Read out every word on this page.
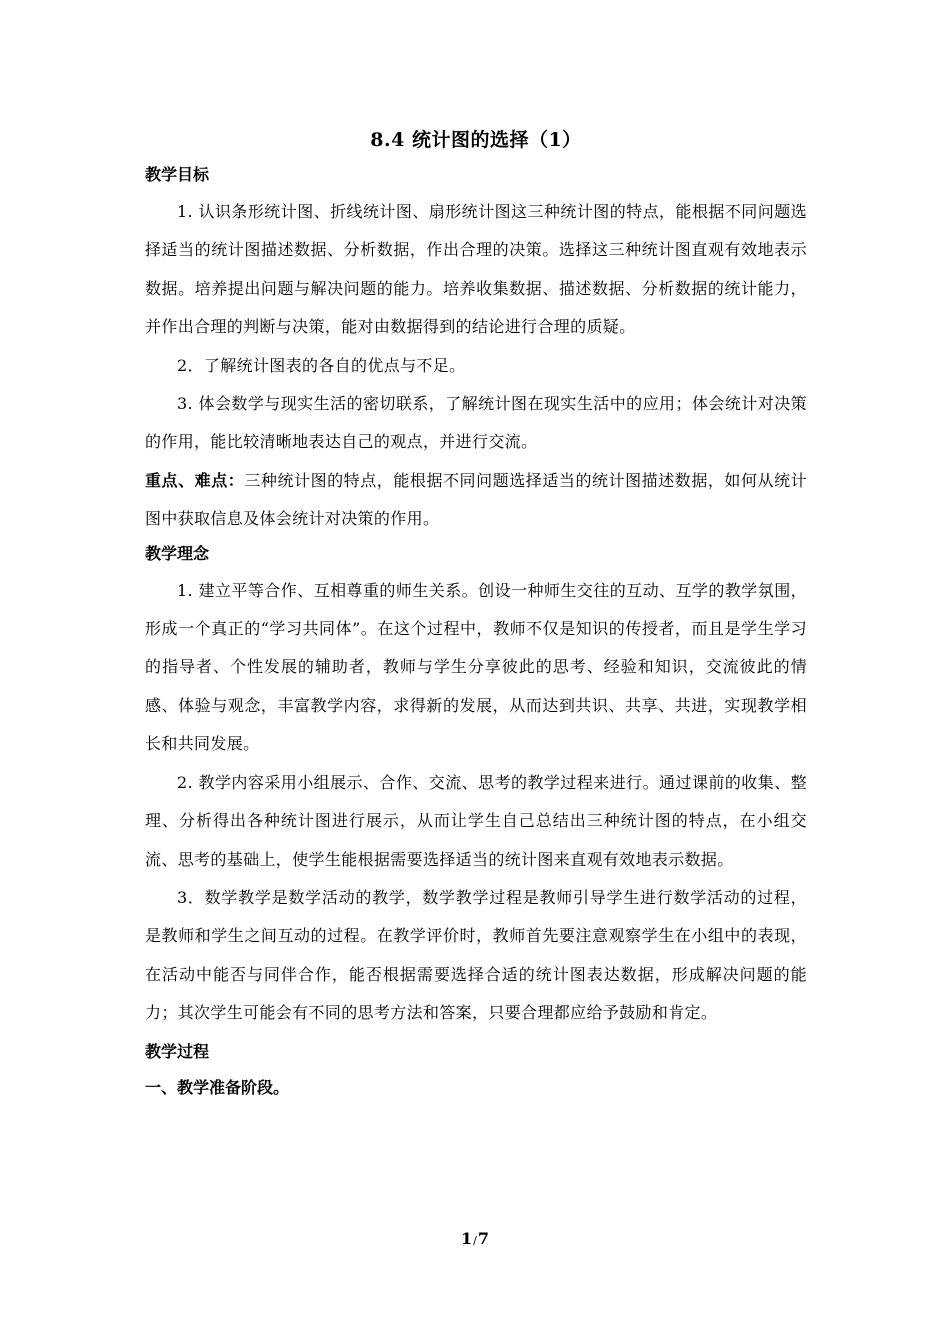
8.4 统计图的选择（1）
教学目标

1. 认识条形统计图、折线统计图、扇形统计图这三种统计图的特点，能根据不同问题选择适当的统计图描述数据、分析数据，作出合理的决策。选择这三种统计图直观有效地表示数据。培养提出问题与解决问题的能力。培养收集数据、描述数据、分析数据的统计能力，并作出合理的判断与决策，能对由数据得到的结论进行合理的质疑。

2．了解统计图表的各自的优点与不足。

3. 体会数学与现实生活的密切联系，了解统计图在现实生活中的应用；体会统计对决策的作用，能比较清晰地表达自己的观点，并进行交流。

重点、难点：三种统计图的特点，能根据不同问题选择适当的统计图描述数据，如何从统计图中获取信息及体会统计对决策的作用。

教学理念

1. 建立平等合作、互相尊重的师生关系。创设一种师生交往的互动、互学的教学氛围，形成一个真正的“学习共同体”。在这个过程中，教师不仅是知识的传授者，而且是学生学习的指导者、个性发展的辅助者，教师与学生分享彼此的思考、经验和知识，交流彼此的情感、体验与观念，丰富教学内容，求得新的发展，从而达到共识、共享、共进，实现教学相长和共同发展。

2. 教学内容采用小组展示、合作、交流、思考的教学过程来进行。通过课前的收集、整理、分析得出各种统计图进行展示，从而让学生自己总结出三种统计图的特点，在小组交流、思考的基础上，使学生能根据需要选择适当的统计图来直观有效地表示数据。

3．数学教学是数学活动的教学，数学教学过程是教师引导学生进行数学活动的过程，是教师和学生之间互动的过程。在教学评价时，教师首先要注意观察学生在小组中的表现，在活动中能否与同伴合作，能否根据需要选择合适的统计图表达数据，形成解决问题的能力；其次学生可能会有不同的思考方法和答案，只要合理都应给予鼓励和肯定。

教学过程
一、教学准备阶段。
1/7
